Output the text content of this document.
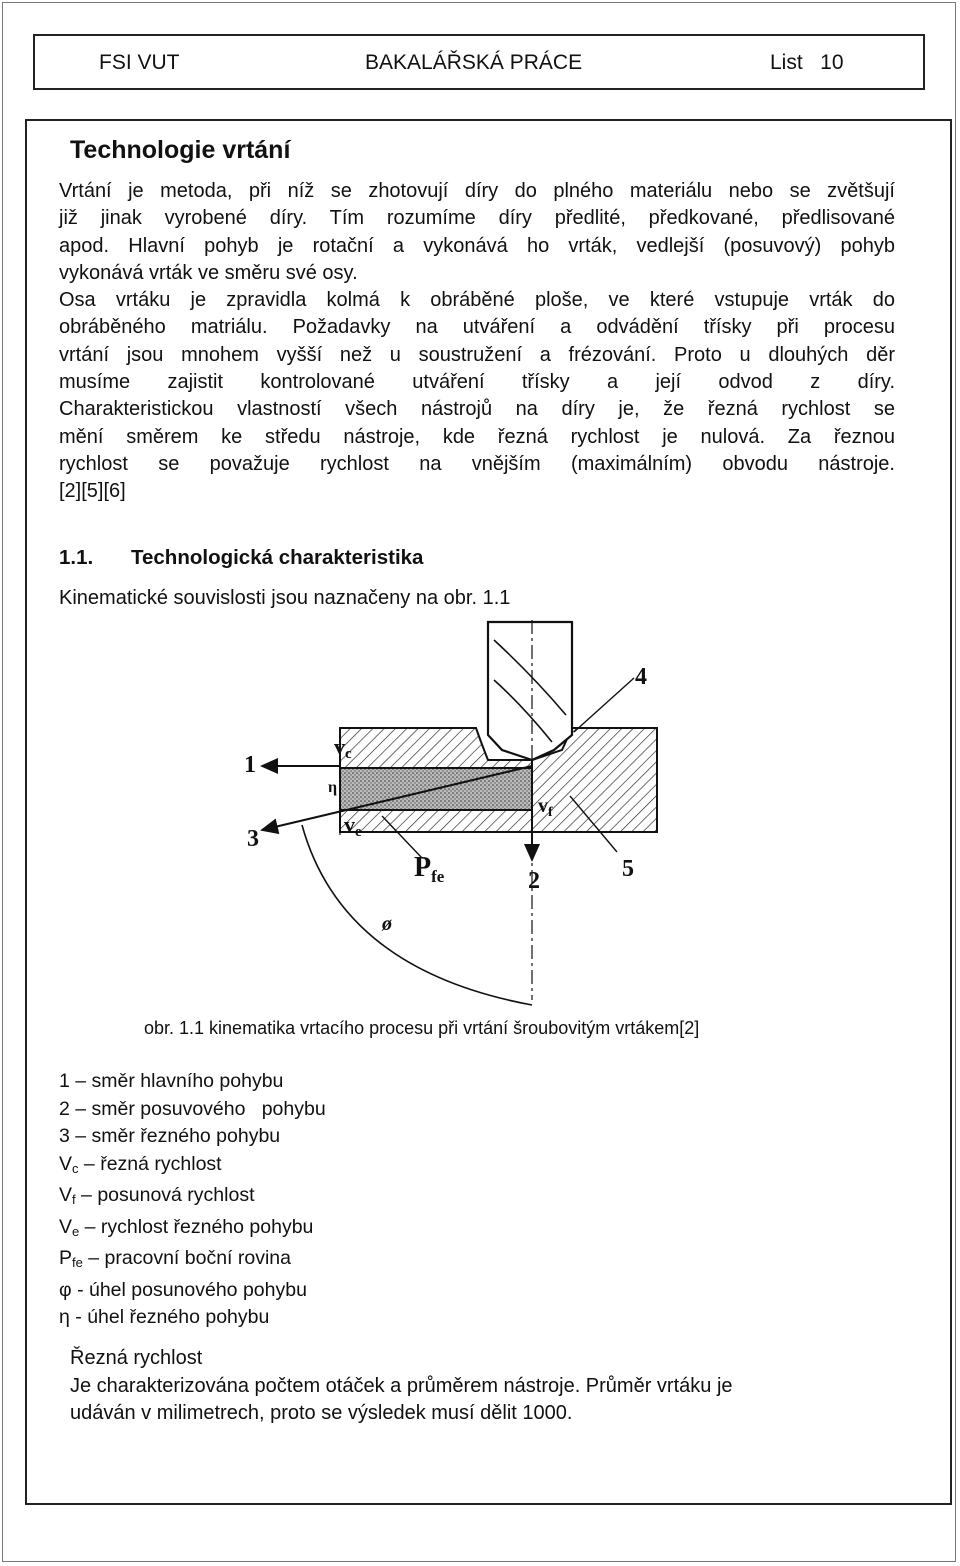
FSI VUT	BAKALÁŘSKÁ PRÁCE	List   10
Technologie vrtání
Vrtání je metoda, při níž se zhotovují díry do plného materiálu nebo se zvětšují
již jinak vyrobené díry. Tím rozumíme díry předlité, předkované, předlisované
apod. Hlavní pohyb je rotační a vykonává ho vrták, vedlejší (posuvový) pohyb
vykonává vrták ve směru své osy.
Osa vrtáku je zpravidla kolmá k obráběné ploše, ve které vstupuje vrták do
obráběného matriálu. Požadavky na utváření a odvádění třísky při procesu
vrtání jsou mnohem vyšší než u soustružení a frézování. Proto u dlouhých děr
musíme zajistit kontrolované utváření třísky a její odvod z díry.
Charakteristickou vlastností všech nástrojů na díry je, že řezná rychlost se
mění směrem ke středu nástroje, kde řezná rychlost je nulová. Za řeznou
rychlost se považuje rychlost na vnějším (maximálním) obvodu nástroje.
[2][5][6]
1.1. Technologická charakteristika
Kinematické souvislosti jsou naznačeny na obr. 1.1
1
2
3
4
5
vc
ve
$v_f$
$P_{fe}$
η
ø
obr. 1.1 kinematika vrtacího procesu při vrtání šroubovitým vrtákem[2]
1 – směr hlavního pohybu
2 – směr posuvového   pohybu
3 – směr řezného pohybu
$V_c$ – řezná rychlost
$V_f$ – posunová rychlost
$V_e$ – rychlost řezného pohybu
$P_{fe}$ – pracovní boční rovina
φ - úhel posunového pohybu
η - úhel řezného pohybu
Řezná rychlost
Je charakterizována počtem otáček a průměrem nástroje. Průměr vrtáku je
udáván v milimetrech, proto se výsledek musí dělit 1000.
